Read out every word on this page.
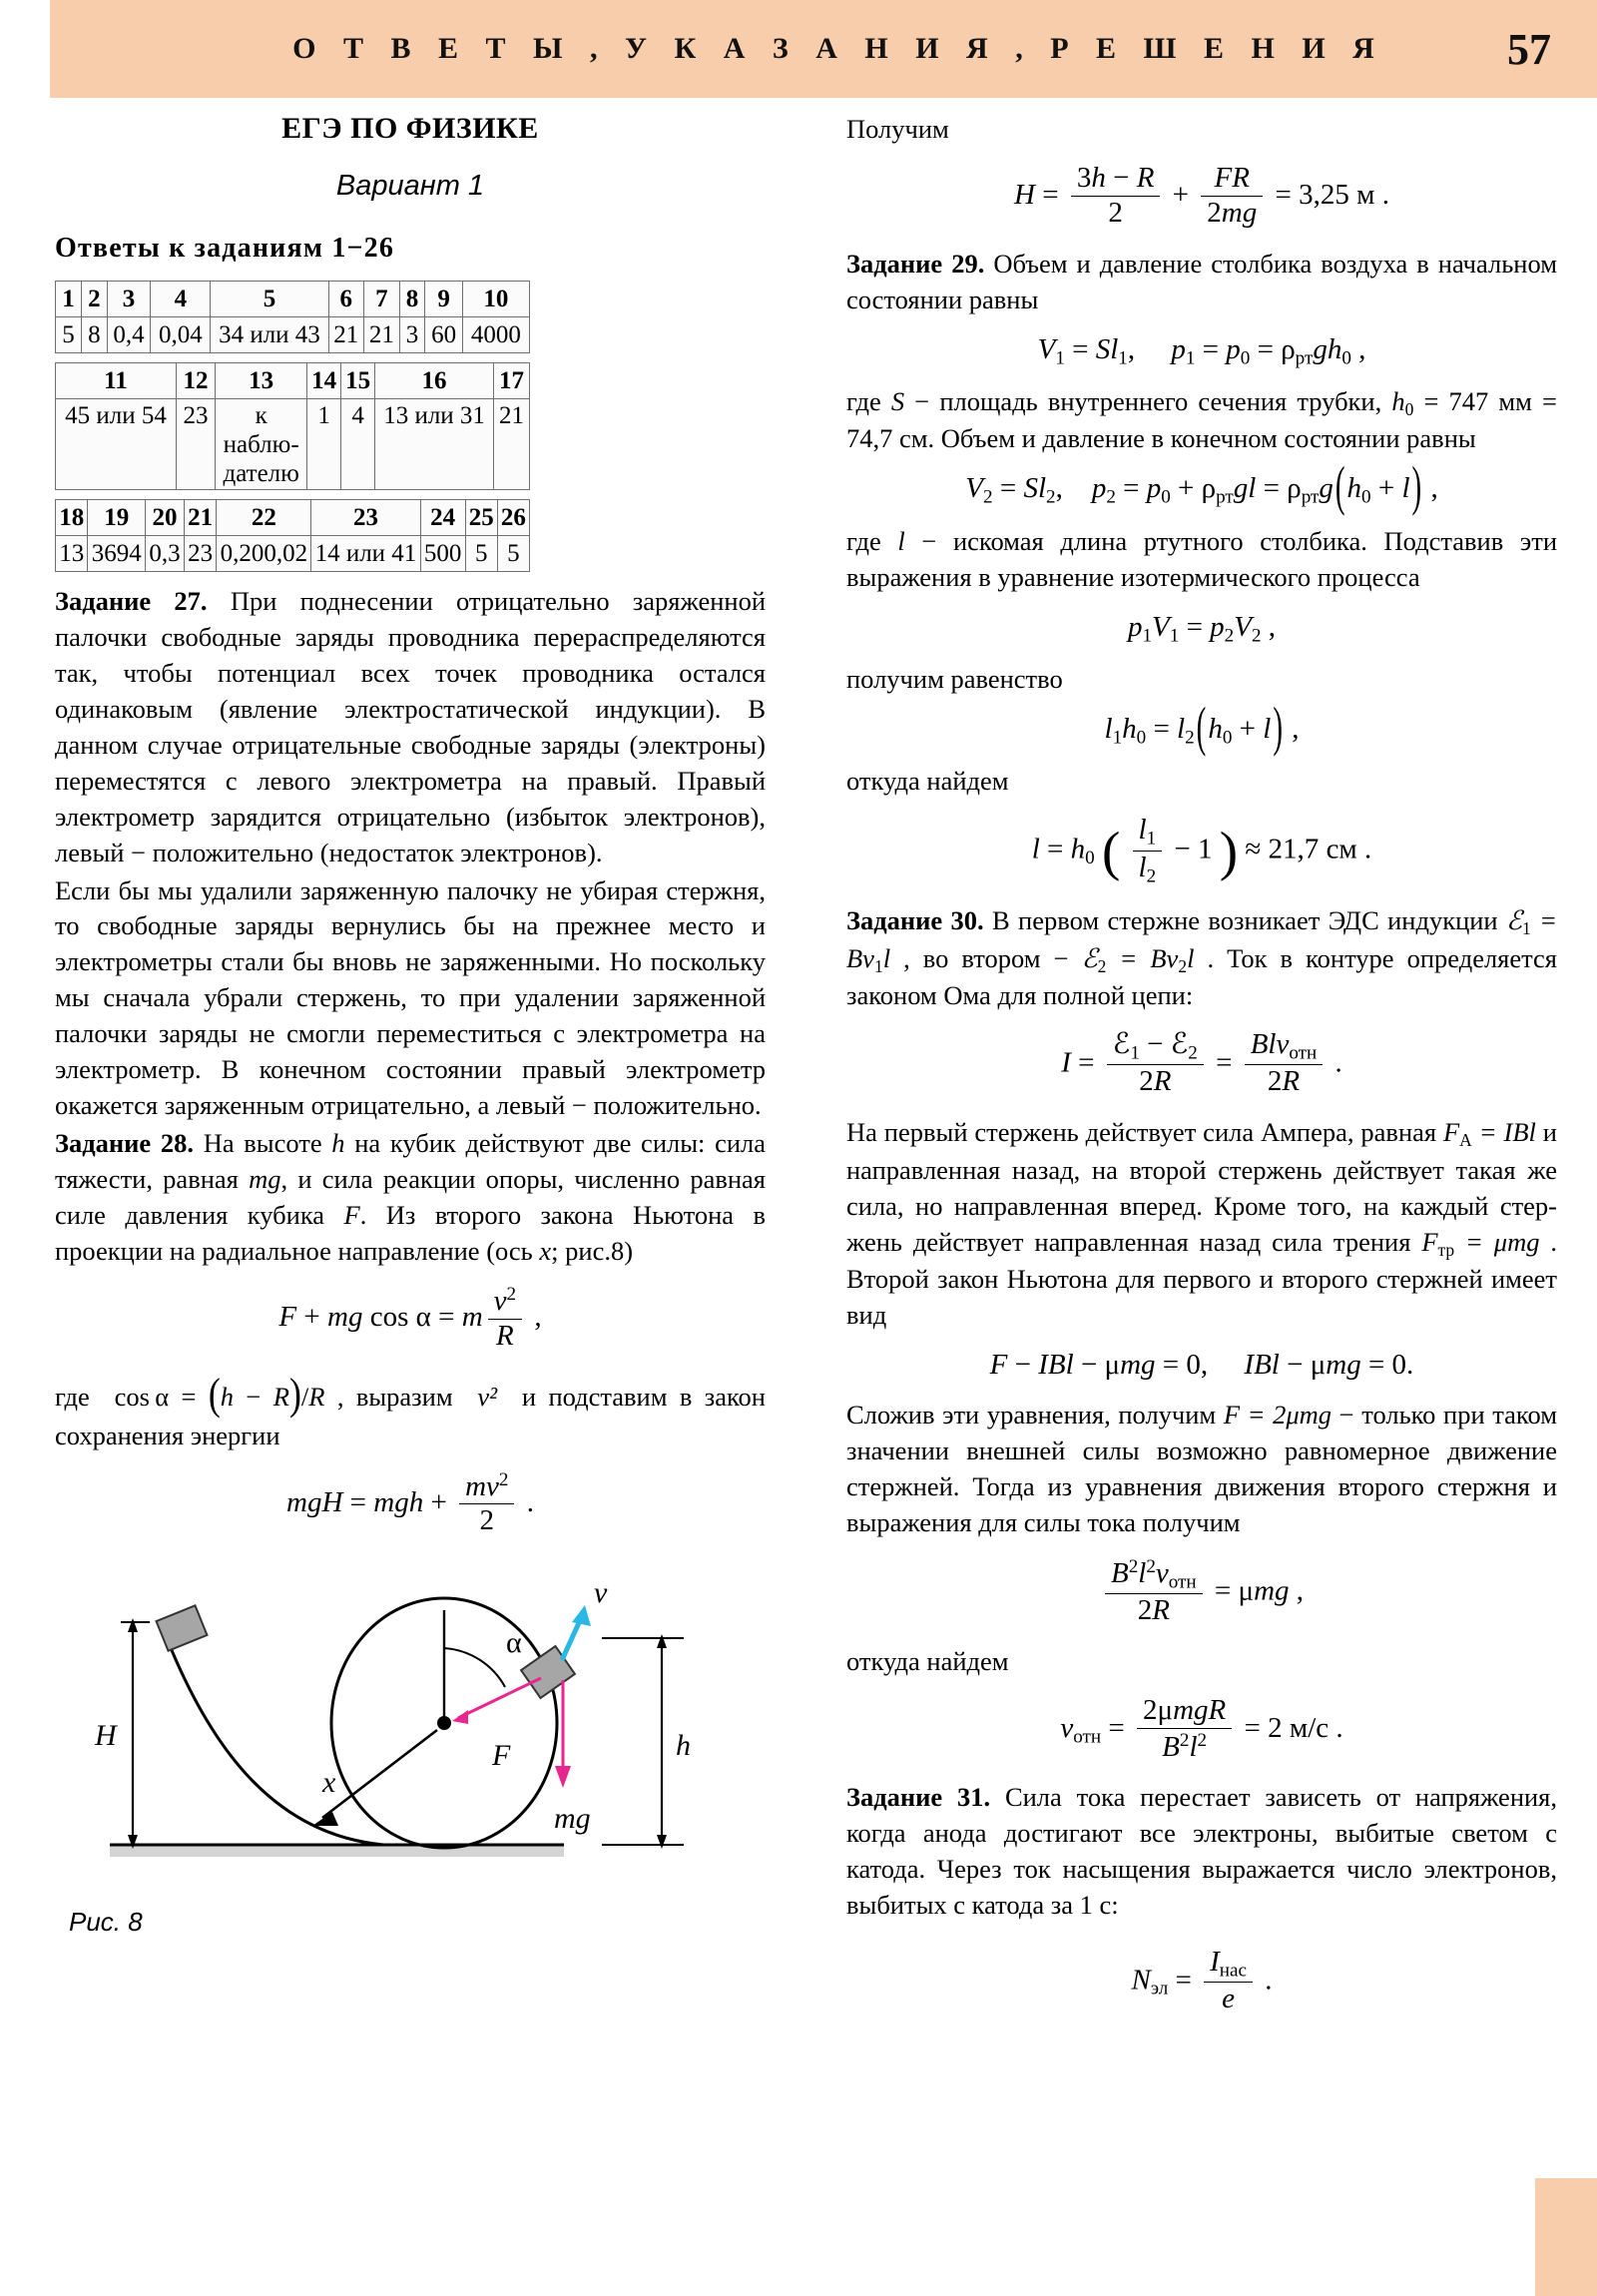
О Т В Е Т Ы , У К А З А Н И Я , Р Е Ш Е Н И Я	57
ЕГЭ ПО ФИЗИКЕ
Вариант 1
Ответы к заданиям 1−26
1	2	3	4	5	6	7	8	9	10
5	8	0,4	0,04	34 или 43	21	21	3	60	4000
11	12	13	14	15	16	17
45 или 54	23	к наблю-дателю	1	4	13 или 31	21
18	19	20	21	22	23	24	25	26
13	3694	0,3	23	0,200,02	14 или 41	500	5	5

Задание 27. При поднесении отрицательно заряженной палочки свободные заряды проводника перераспределяются так, чтобы потенциал всех точек проводника остался одинаковым (явление электростатической индукции). В данном случае отрицательные свободные заряды (электроны) переместятся с левого электрометра на правый. Правый электрометр зарядится отрицательно (избыток электронов), левый − положительно (недостаток электронов).

Если бы мы удалили заряженную палочку не убирая стержня, то свободные заряды вернулись бы на прежнее место и электрометры стали бы вновь не заряженными. Но поскольку мы сначала убрали стержень, то при удалении заряженной палочки заряды не смогли переместиться с электрометра на электрометр. В конечном состоянии правый электрометр окажется заряженным отрицательно, а левый − положительно.

Задание 28. На высоте h на кубик действуют две силы: сила тяжести, равная mg, и сила реакции опоры, численно равная силе давления кубика F. Из второго закона Ньютона в проекции на радиальное направление (ось x; рис.8)

F + mg cos α = m $\frac{v^2}{R}$ ,

где  cos α = (h − R)/R , выразим  v²  и подставим в закон сохранения энергии

mgH = mgh + $\frac{mv^2}{2}$ .
H	h
α
F
mg
v
x
Рис. 8

Получим

$H = \frac{3h - R}{2} + \frac{FR}{2mg} = 3,25$ м .

Задание 29. Объем и давление столбика воздуха в начальном состоянии равны

$V_1 = Sl_1$,     $p_1 = p_0 = \rho_{рт}gh_0$ ,

где S − площадь внутреннего сечения трубки, $h_0 = 747$ мм = 74,7 см. Объем и давление в конечном состоянии равны

$V_2 = Sl_2$,    $p_2 = p_0 + \rho_{рт}gl = \rho_{рт}g(h_0 + l)$ ,

где l − искомая длина ртутного столбика. Подставив эти выражения в уравнение изотермического процесса

$p_1V_1 = p_2V_2$ ,

получим равенство

$l_1h_0 = l_2(h_0 + l)$ ,

откуда найдем

$l = h_0$ ( $\frac{l_1}{l_2} - 1$ ) ≈ 21,7 см .

Задание 30. В первом стержне возникает ЭДС индукции ℰ$_1$ = $Bv_1l$ , во втором − ℰ$_2$ = $Bv_2l$ . Ток в контуре определяется законом Ома для полной цепи:

$I = \frac{ℰ_1 - ℰ_2}{2R} = \frac{Blv_{отн}}{2R}$ .

На первый стержень действует сила Ампера, равная $F_А$ = IBl и направленная назад, на второй стержень действует такая же сила, но направленная вперед. Кроме того, на каждый стержень действует направленная назад сила трения $F_{тр} = \mu mg$ . Второй закон Ньютона для первого и второго стержней имеет вид

F − IBl − μmg = 0,     IBl − μmg = 0.

Сложив эти уравнения, получим F = 2μmg − только при таком значении внешней силы возможно равномерное движение стержней. Тогда из уравнения движения второго стержня и выражения для силы тока получим

$\frac{B^2l^2v_{отн}}{2R} = \mu mg$ ,

откуда найдем

$v_{отн} = \frac{\text{2μmgR}}{B^2l^2} = 2$ м/с .

Задание 31. Сила тока перестает зависеть от напряжения, когда анода достигают все электроны, выбитые светом с катода. Через ток насыщения выражается число электронов, выбитых с катода за 1 с:

$N_{эл} = \frac{I_{нас}}{e}$ .
